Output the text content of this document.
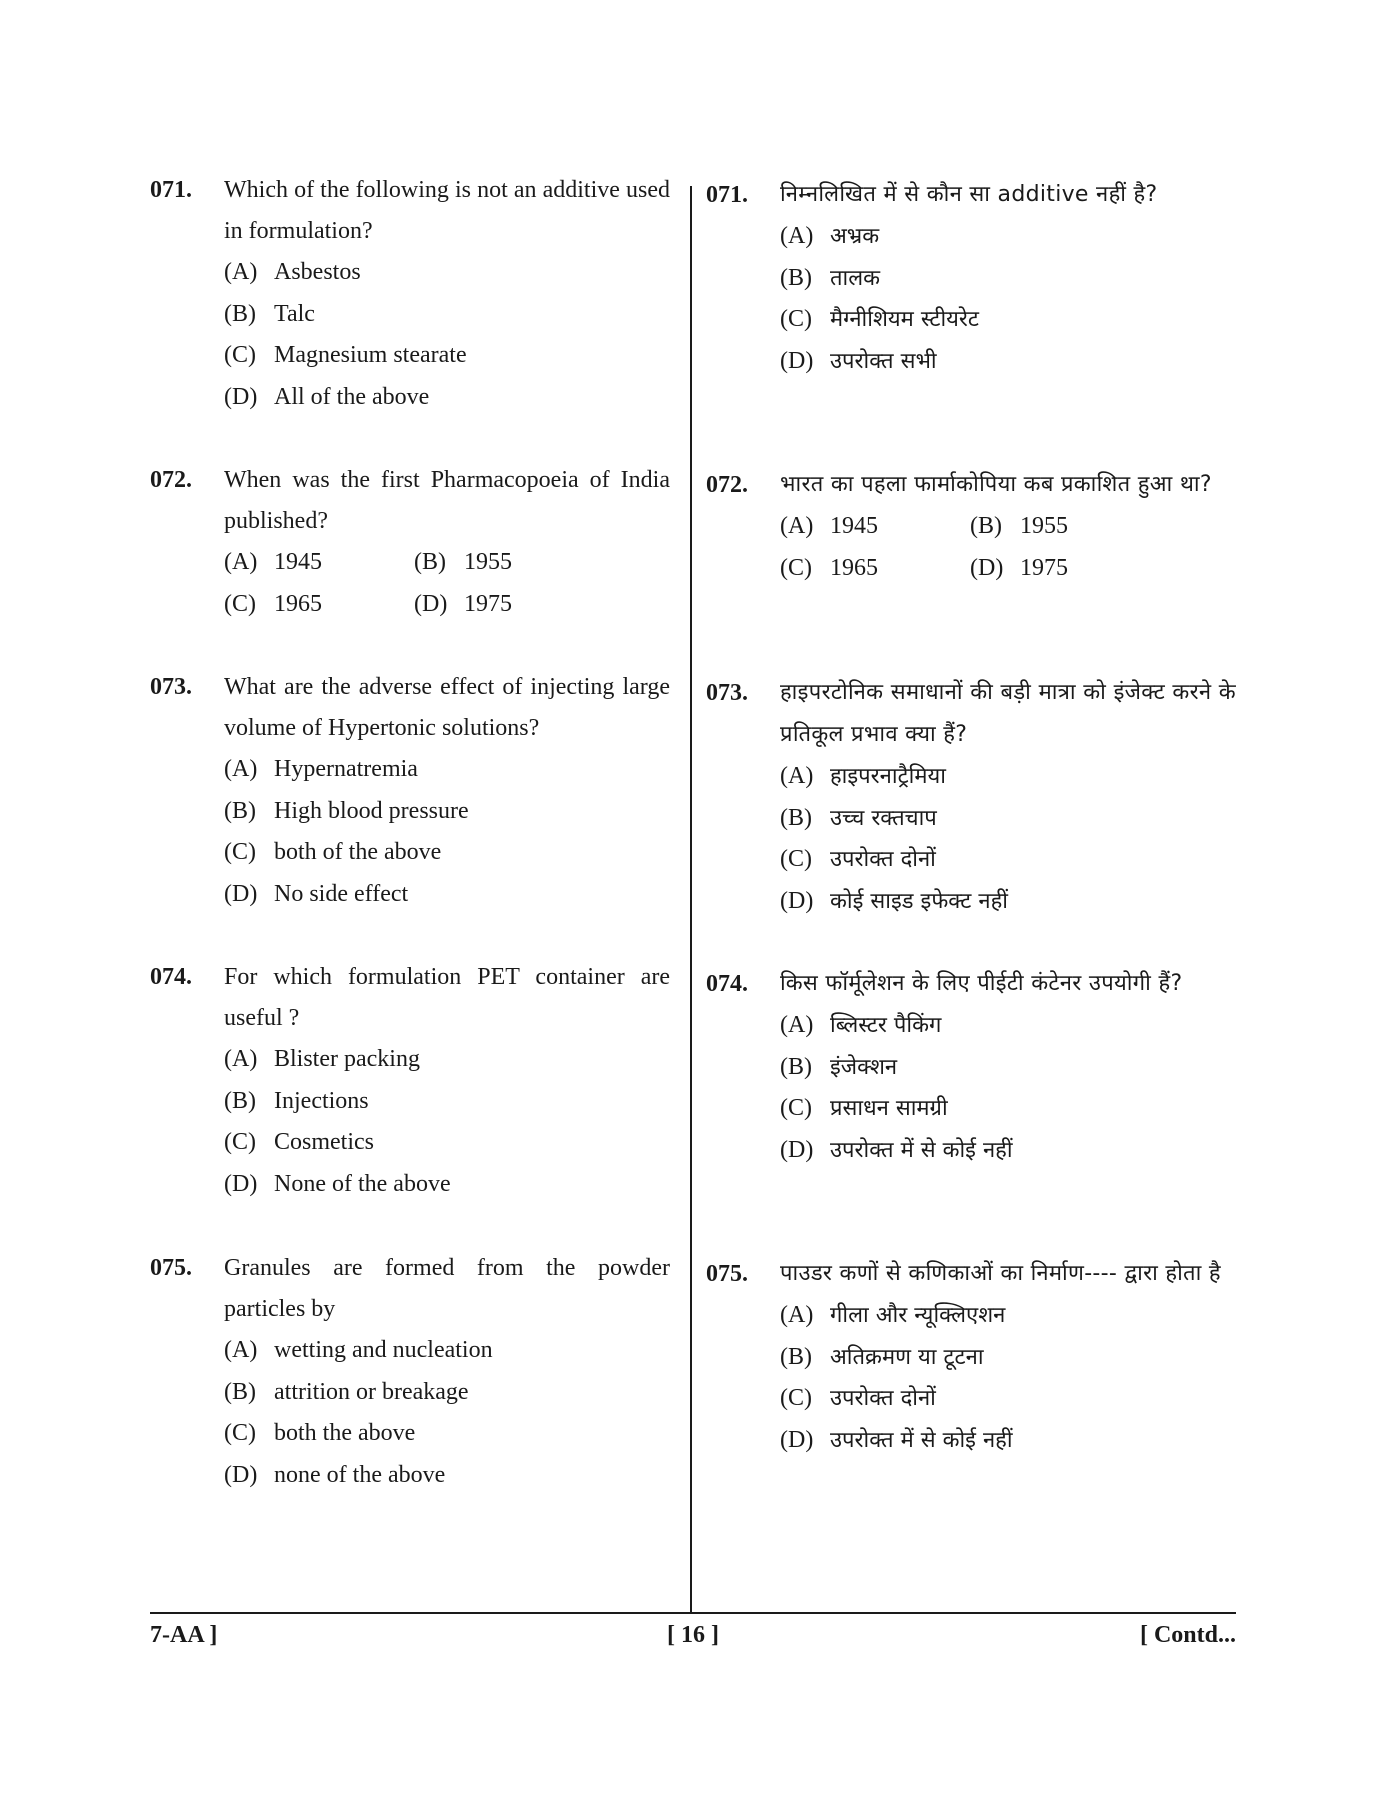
071. Which of the following is not an additive used in formulation?
(A) Asbestos
(B) Talc
(C) Magnesium stearate
(D) All of the above
072. When was the first Pharmacopoeia of India published?
(A) 1945	(B) 1955
(C) 1965	(D) 1975
073. What are the adverse effect of injecting large volume of Hypertonic solutions?
(A) Hypernatremia
(B) High blood pressure
(C) both of the above
(D) No side effect
074. For which formulation PET container are useful ?
(A) Blister packing
(B) Injections
(C) Cosmetics
(D) None of the above
075. Granules are formed from the powder particles by
(A) wetting and nucleation
(B) attrition or breakage
(C) both the above
(D) none of the above
071. निम्नलिखित में से कौन सा additive नहीं है?
(A) अभ्रक
(B) तालक
(C) मैग्नीशियम स्टीयरेट
(D) उपरोक्त सभी
072. भारत का पहला फार्माकोपिया कब प्रकाशित हुआ था?
(A) 1945	(B) 1955
(C) 1965	(D) 1975
073. हाइपरटोनिक समाधानों की बड़ी मात्रा को इंजेक्ट करने के प्रतिकूल प्रभाव क्या हैं?
(A) हाइपरनाट्रैमिया
(B) उच्च रक्तचाप
(C) उपरोक्त दोनों
(D) कोई साइड इफेक्ट नहीं
074. किस फॉर्मूलेशन के लिए पीईटी कंटेनर उपयोगी हैं?
(A) ब्लिस्टर पैकिंग
(B) इंजेक्शन
(C) प्रसाधन सामग्री
(D) उपरोक्त में से कोई नहीं
075. पाउडर कणों से कणिकाओं का निर्माण---- द्वारा होता है
(A) गीला और न्यूक्लिएशन
(B) अतिक्रमण या टूटना
(C) उपरोक्त दोनों
(D) उपरोक्त में से कोई नहीं
7-AA ]	[ 16 ]	[ Contd...
